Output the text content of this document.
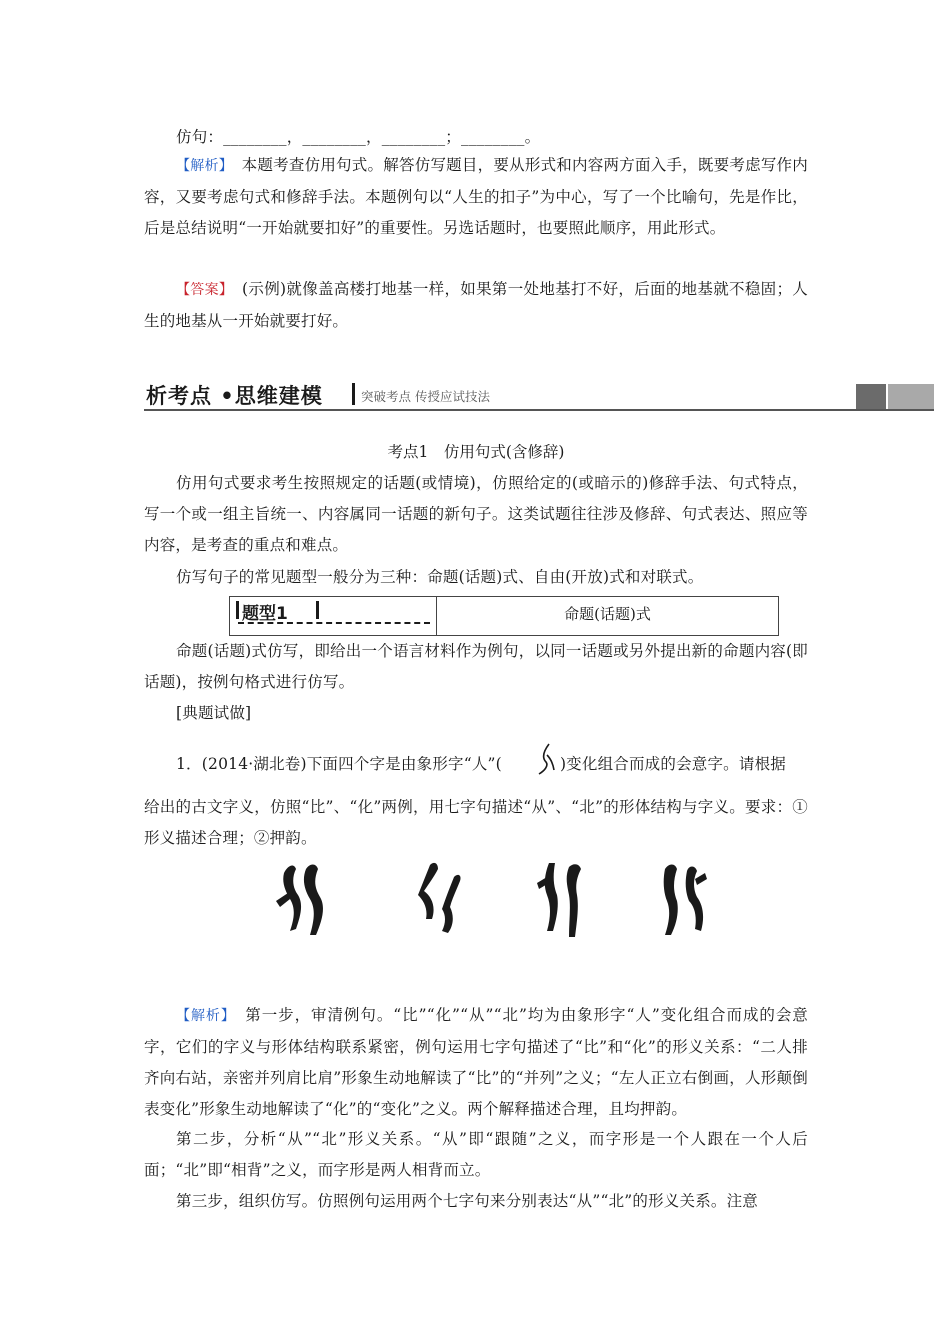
仿句：________，________，________；________。

【解析】　本题考查仿用句式。解答仿写题目，要从形式和内容两方面入手，既要考虑写作内容，又要考虑句式和修辞手法。本题例句以“人生的扣子”为中心，写了一个比喻句，先是作比，后是总结说明“一开始就要扣好”的重要性。另选话题时，也要照此顺序，用此形式。

【答案】　(示例)就像盖高楼打地基一样，如果第一处地基打不好，后面的地基就不稳固；人生的地基从一开始就要打好。

析考点 •思维建模	突破考点 传授应试技法

考点1　仿用句式(含修辞)

仿用句式要求考生按照规定的话题(或情境)，仿照给定的(或暗示的)修辞手法、句式特点，写一个或一组主旨统一、内容属同一话题的新句子。这类试题往往涉及修辞、句式表达、照应等内容，是考查的重点和难点。

仿写句子的常见题型一般分为三种：命题(话题)式、自由(开放)式和对联式。

题型1	命题(话题)式

命题(话题)式仿写，即给出一个语言材料作为例句，以同一话题或另外提出新的命题内容(即话题)，按例句格式进行仿写。

[典题试做]

1．(2014·湖北卷)下面四个字是由象形字“人”(	)变化组合而成的会意字。请根据

给出的古文字义，仿照“比”、“化”两例，用七字句描述“从”、“北”的形体结构与字义。要求：①形义描述合理；②押韵。

【解析】　第一步，审清例句。“比”“化”“从”“北”均为由象形字“人”变化组合而成的会意字，它们的字义与形体结构联系紧密，例句运用七字句描述了“比”和“化”的形义关系：“二人排齐向右站，亲密并列肩比肩”形象生动地解读了“比”的“并列”之义；“左人正立右倒画，人形颠倒表变化”形象生动地解读了“化”的“变化”之义。两个解释描述合理，且均押韵。

第二步，分析“从”“北”形义关系。“从”即“跟随”之义，而字形是一个人跟在一个人后面；“北”即“相背”之义，而字形是两人相背而立。

第三步，组织仿写。仿照例句运用两个七字句来分别表达“从”“北”的形义关系。注意
